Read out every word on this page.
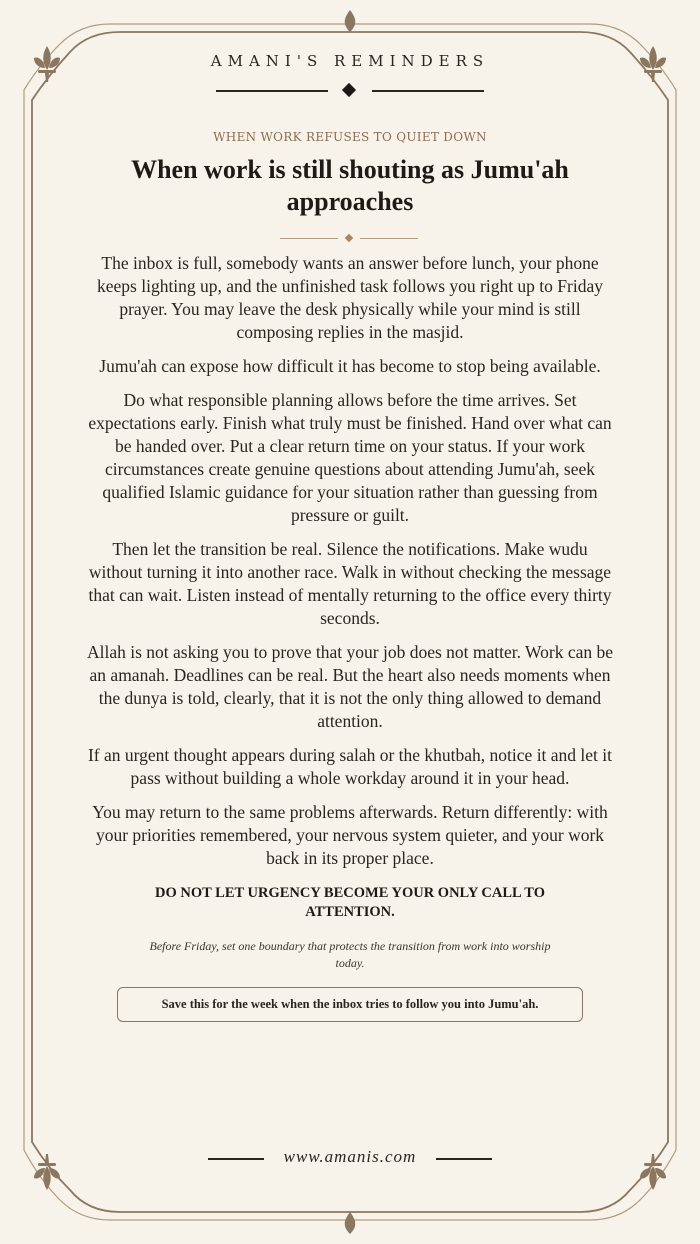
AMANI'S REMINDERS

WHEN WORK REFUSES TO QUIET DOWN

When work is still shouting as Jumu'ah approaches

The inbox is full, somebody wants an answer before lunch, your phone keeps lighting up, and the unfinished task follows you right up to Friday prayer. You may leave the desk physically while your mind is still composing replies in the masjid.

Jumu'ah can expose how difficult it has become to stop being available.

Do what responsible planning allows before the time arrives. Set expectations early. Finish what truly must be finished. Hand over what can be handed over. Put a clear return time on your status. If your work circumstances create genuine questions about attending Jumu'ah, seek qualified Islamic guidance for your situation rather than guessing from pressure or guilt.

Then let the transition be real. Silence the notifications. Make wudu without turning it into another race. Walk in without checking the message that can wait. Listen instead of mentally returning to the office every thirty seconds.

Allah is not asking you to prove that your job does not matter. Work can be an amanah. Deadlines can be real. But the heart also needs moments when the dunya is told, clearly, that it is not the only thing allowed to demand attention.

If an urgent thought appears during salah or the khutbah, notice it and let it pass without building a whole workday around it in your head.

You may return to the same problems afterwards. Return differently: with your priorities remembered, your nervous system quieter, and your work back in its proper place.

DO NOT LET URGENCY BECOME YOUR ONLY CALL TO ATTENTION.
Before Friday, set one boundary that protects the transition from work into worship today.
Save this for the week when the inbox tries to follow you into Jumu'ah.
www.amanis.com
